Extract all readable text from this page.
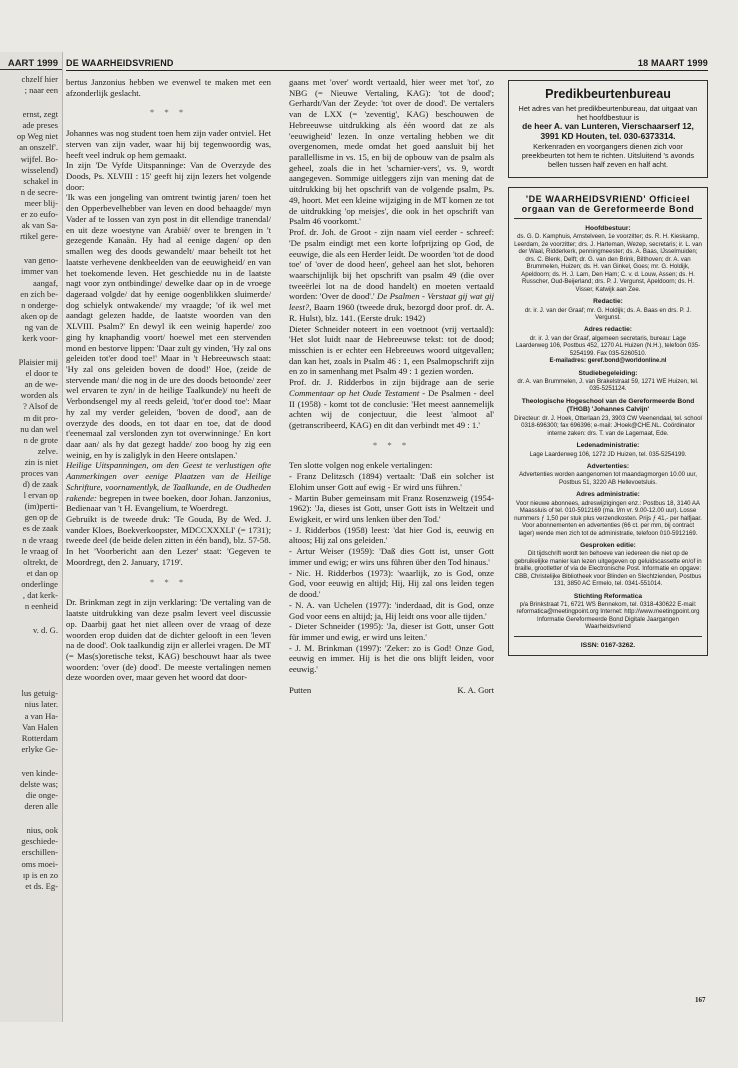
AART 1999
chzelf hier
; naar een
ernst, zegt
ade preses
op Weg niet
an onszelf'.
wijfel. Bo-
wisselend)
schakel in
n de secre-
meer blij-
er zo eufo-
ak van Sa-
rtikel gere-
van geno-
immer van
aangaf,
en zich be-
n onderge-
aken op de
ng van de
kerk voor-
Plaisier mij
el door te
an de we-
worden als
? Alsof de
m dit pro-
nu dan wel
n de grote
zelve.
zin is niet
proces van
d) de zaak
l ervan op
(im)perti-
gen op de
es de zaak
n de vraag
le vraag of
oltrekt, de
et dan op
onderlinge
, dat kerk-
n eenheid
v. d. G.
lus getuig-
nius later.
a van Ha-
Van Halen
Rotterdam
erlyke Ge-
ven kinde-
delste was;
die onge-
deren alle
nius, ook
geschiede-
erschillen-
oms moei-
ıp is en zo
et ds. Eg-
DE WAARHEIDSVRIEND	18 MAART 1999

bertus Janzonius hebben we evenwel te maken met een afzonderlijk geslacht.

* * *

Johannes was nog student toen hem zijn vader ontviel. Het sterven van zijn vader, waar hij bij tegenwoordig was, heeft veel indruk op hem gemaakt.

In zijn 'De Vyfde Uitspanninge: Van de Overzyde des Doods, Ps. XLVIII : 15' geeft hij zijn lezers het volgende door:

'Ik was een jongeling van omtrent twintig jaren/ toen het den Opperbevelhebber van leven en dood behaagde/ myn Vader af te lossen van zyn post in dit ellendige tranendal/ en uit deze woestyne van Arabië/ over te brengen in 't gezegende Kanaän. Hy had al eenige dagen/ op den smallen weg des doods gewandelt/ maar beheilt tot het laatste verhevene denkbeelden van de eeuwigheid/ en van het toekomende leven. Het geschiedde nu in de laatste nagt voor zyn ontbindinge/ dewelke daar op in de vroege dageraad volgde/ dat hy eenige oogenblikken sluimerde/ dog schielyk ontwakende/ my vraagde; 'of ik wel met aandagt gelezen hadde, de laatste woorden van den XLVIII. Psalm?' En dewyl ik een weinig haperde/ zoo ging hy knaphandig voort/ hoewel met een stervenden mond en bestorve lippen: 'Daar zult gy vinden, 'Hy zal ons geleiden tot'er dood toe!' Maar in 't Hebreeuwsch staat: 'Hy zal ons geleiden boven de dood!' Hoe, (zeide de stervende man/ die nog in de ure des doods betoonde/ zeer wel ervaren te zyn/ in de heilige Taalkunde)/ nu heeft de Verbondsengel my al reeds geleid, 'tot'er dood toe': Maar hy zal my verder geleiden, 'boven de dood', aan de overzyde des doods, en tot daar en toe, dat de dood t'eenemaal zal verslonden zyn tot overwinninge.' En kort daar aan/ als hy dat gezegt hadde/ zoo boog hy zig een weinig, en hy is zaliglyk in den Heere ontslapen.'

Heilige Uitspanningen, om den Geest te verlustigen ofte Aanmerkingen over eenige Plaatzen van de Heilige Schrifture, voornamentlyk, de Taalkunde, en de Oudheden rakende: begrepen in twee boeken, door Johan. Janzonius, Bedienaar van 't H. Evangelium, te Woerdregt.

Gebruikt is de tweede druk: 'Te Gouda, By de Wed. J. vander Kloes, Boekverkoopster, MDCCXXXLI' (= 1731); tweede deel (de beide delen zitten in één band), blz. 57-58.

In het 'Voorbericht aan den Lezer' staat: 'Gegeven te Moordregt, den 2. January, 1719'.

* * *

Dr. Brinkman zegt in zijn verklaring: 'De vertaling van de laatste uitdrukking van deze psalm levert veel discussie op. Daarbij gaat het niet alleen over de vraag of deze woorden erop duiden dat de dichter gelooft in een 'leven na de dood'. Ook taalkundig zijn er allerlei vragen. De MT (= Mas(s)oretische tekst, KAG) beschouwt haar als twee woorden: 'over (de) dood'. De meeste vertalingen nemen deze woorden over, maar geven het woord dat door-

gaans met 'over' wordt vertaald, hier weer met 'tot', zo NBG (= Nieuwe Vertaling, KAG): 'tot de dood'; Gerhardt/Van der Zeyde: 'tot over de dood'. De vertalers van de LXX (= 'zeventig', KAG) beschouwen de Hebreeuwse uitdrukking als één woord dat ze als 'eeuwigheid' lezen. In onze vertaling hebben we dit overgenomen, mede omdat het goed aansluit bij het parallellisme in vs. 15, en bij de opbouw van de psalm als geheel, zoals die in het 'scharnier-vers', vs. 9, wordt aangegeven. Sommige uitleggers zijn van mening dat de uitdrukking bij het opschrift van de volgende psalm, Ps. 49, hoort. Met een kleine wijziging in de MT komen ze tot de uitdrukking 'op meisjes', die ook in het opschrift van Psalm 46 voorkomt.'

Prof. dr. Joh. de Groot - zijn naam viel eerder - schreef: 'De psalm eindigt met een korte lofprijzing op God, de eeuwige, die als een Herder leidt. De woorden 'tot de dood toe' of 'over de dood heen', geheel aan het slot, behoren waarschijnlijk bij het opschrift van psalm 49 (die over tweeërlei lot na de dood handelt) en moeten vertaald worden: 'Over de dood'.' De Psalmen - Verstaat gij wat gij leest?, Baarn 1960 (tweede druk, bezorgd door prof. dr. A. R. Hulst), blz. 141. (Eerste druk: 1942)

Dieter Schneider noteert in een voetnoot (vrij vertaald): 'Het slot luidt naar de Hebreeuwse tekst: tot de dood; misschien is er echter een Hebreeuws woord uitgevallen; dan kan het, zoals in Psalm 46 : 1, een Psalmopschrift zijn en zo in samenhang met Psalm 49 : 1 gezien worden.

Prof. dr. J. Ridderbos in zijn bijdrage aan de serie Commentaar op het Oude Testament - De Psalmen - deel II (1958) - komt tot de conclusie: 'Het meest aannemelijk achten wij de conjectuur, die leest 'almoot al' (getranscribeerd, KAG) en dit dan verbindt met 49 : 1.'

* * *

Ten slotte volgen nog enkele vertalingen:

- Franz Delitzsch (1894) vertaalt: 'Daß ein solcher ist Elohim unser Gott auf ewig - Er wird uns führen.'

- Martin Buber gemeinsam mit Franz Rosenzweig (1954-1962): 'Ja, dieses ist Gott, unser Gott ists in Weltzeit und Ewigkeit, er wird uns lenken über den Tod.'

- J. Ridderbos (1958) leest: 'dat hier God is, eeuwig en altoos; Hij zal ons geleiden.'

- Artur Weiser (1959): 'Daß dies Gott ist, unser Gott immer und ewig; er wirs uns führen über den Tod hinaus.'

- Nic. H. Ridderbos (1973): 'waarlijk, zo is God, onze God, voor eeuwig en altijd; Hij, Hij zal ons leiden tegen de dood.'

- N. A. van Uchelen (1977): 'inderdaad, dit is God, onze God voor eens en altijd; ja, Hij leidt ons voor alle tijden.'

- Dieter Schneider (1995): 'Ja, dieser ist Gott, unser Gott für immer und ewig, er wird uns leiten.'

- J. M. Brinkman (1997): 'Zeker: zo is God! Onze God, eeuwig en immer. Hij is het die ons blijft leiden, voor eeuwig.'

Putten	K. A. Gort
Predikbeurtenbureau
Het adres van het predikbeurtenbureau, dat uitgaat van het hoofdbestuur is
de heer A. van Lunteren, Vierschaarserf 12, 3991 KD Houten, tel. 030-6373314.
Kerkenraden en voorgangers dienen zich voor preekbeurten tot hem te richten. Uitsluitend 's avonds bellen tussen half zeven en half acht.
'DE WAARHEIDSVRIEND' Officieel orgaan van de Gereformeerde Bond
Hoofdbestuur:
ds. G. D. Kamphuis, Amstelveen, 1e voorzitter; ds. R. H. Kieskamp, Leerdam, 2e voorzitter; drs. J. Harteman, Wezep, secretaris; ir. L. van der Waal, Ridderkerk, penningmeester; ds. A. Baas, IJsselmuiden; drs. C. Blenk, Delft; dr. G. van den Brink, Bilthoven; dr. A. van Brummelen, Huizen; ds. H. van Ginkel, Goes; mr. G. Holdijk, Apeldoorn; ds. H. J. Lam, Den Ham; C. v. d. Louw, Assen; ds. H. Russcher, Oud-Beijerland; drs. P. J. Vergunst, Apeldoorn; ds. H. Visser, Katwijk aan Zee.
Redactie:
dr. ir. J. van der Graaf; mr. G. Holdijk; ds. A. Baas en drs. P. J. Vergunst.
Adres redactie:
dr. ir. J. van der Graaf, algemeen secretaris, bureau: Lage Laarderweg 106, Postbus 452, 1270 AL Huizen (N.H.), telefoon 035-5254199. Fax 035-5260510.
E-mailadres: geref.bond@worldonline.nl
Studiebegeleiding:
dr. A. van Brummelen, J. van Brakelstraat 59, 1271 WE Huizen, tel. 035-5251124.
Theologische Hogeschool van de Gereformeerde Bond (THGB) 'Johannes Calvijn'
Directeur: dr. J. Hoek, Otterlaan 23, 3903 CW Veenendaal, tel. school 0318-696300; fax 696396; e-mail: JHoek@CHE.NL. Coördinator interne zaken: drs. T. van de Lagemaat, Ede.
Ledenadministratie:
Lage Laarderweg 106, 1272 JD Huizen, tel. 035-5254199.
Advertenties:
Advertenties worden aangenomen tot maandagmorgen 10.00 uur, Postbus 51, 3220 AB Hellevoetsluis.
Adres administratie:
Voor nieuwe abonnees, adreswijzigingen enz.: Postbus 18, 3140 AA Maassluis of tel. 010-5912169 (ma. t/m vr. 9.00-12.00 uur). Losse nummers ƒ 1,50 per stuk plus verzendkosten. Prijs ƒ 41,- per halfjaar. Voor abonnementen en advertenties (66 ct. per mm, bij contract lager) wende men zich tot de administratie, telefoon 010-5912169.
Gesproken editie:
Dit tijdschrift wordt ten behoeve van iedereen die niet op de gebruikelijke manier kan lezen uitgegeven op geluidscassette en/of in braille, grootletter of via de Electronische Post. Informatie en opgave: CBB, Christelijke Bibliotheek voor Blinden en Slechtzienden, Postbus 131, 3850 AC Ermelo, tel. 0341-551014.
Stichting Reformatica
p/a Brinkstraat 71, 6721 WS Bennekom, tel. 0318-430622 E-mail: reformatica@meetingpoint.org Internet: http://www.meetingpoint.org Informatie Gereformeerde Bond Digitale Jaargangen Waarheidsvriend
ISSN: 0167-3262.
167
